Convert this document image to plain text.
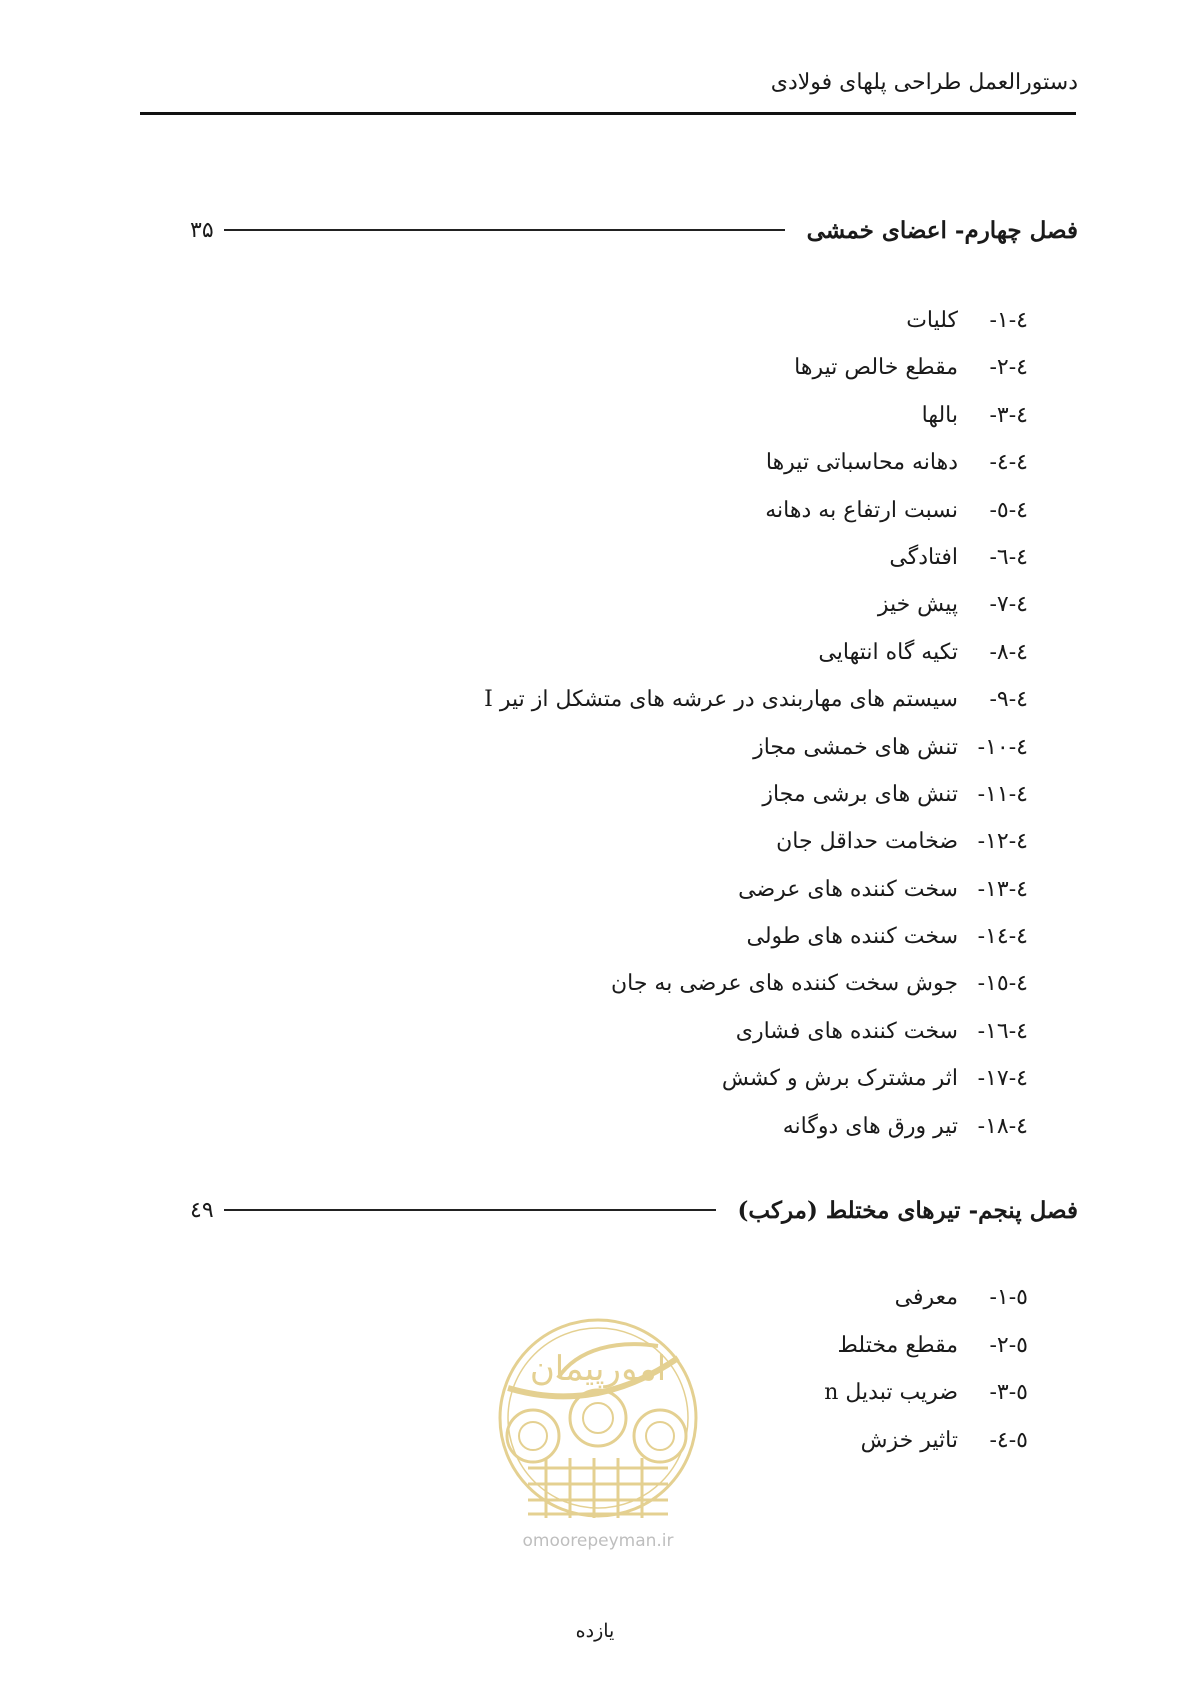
دستورالعمل طراحی پلهای فولادی
فصل چهارم- اعضای خمشی
۳۵
٤-١-
کلیات
٤-٢-
مقطع خالص تیرها
٤-٣-
بالها
٤-٤-
دهانه محاسباتی تیرها
٤-٥-
نسبت ارتفاع به دهانه
٤-٦-
افتادگی
٤-٧-
پیش خیز
٤-٨-
تکیه گاه انتهایی
٤-٩-
سیستم های مهاربندی در عرشه های متشکل از تیر I
٤-١٠-
تنش های خمشی مجاز
٤-١١-
تنش های برشی مجاز
٤-١٢-
ضخامت حداقل جان
٤-١٣-
سخت کننده های عرضی
٤-١٤-
سخت کننده های طولی
٤-١٥-
جوش سخت کننده های عرضی به جان
٤-١٦-
سخت کننده های فشاری
٤-١٧-
اثر مشترک برش و کشش
٤-١٨-
تیر ورق های دوگانه
فصل پنجم- تیرهای مختلط (مرکب)
٤٩
٥-١-
معرفی
٥-٢-
مقطع مختلط
٥-٣-
ضریب تبدیل n
٥-٤-
تاثیر خزش
omoorepeyman.ir
امورپیمان
یازده
